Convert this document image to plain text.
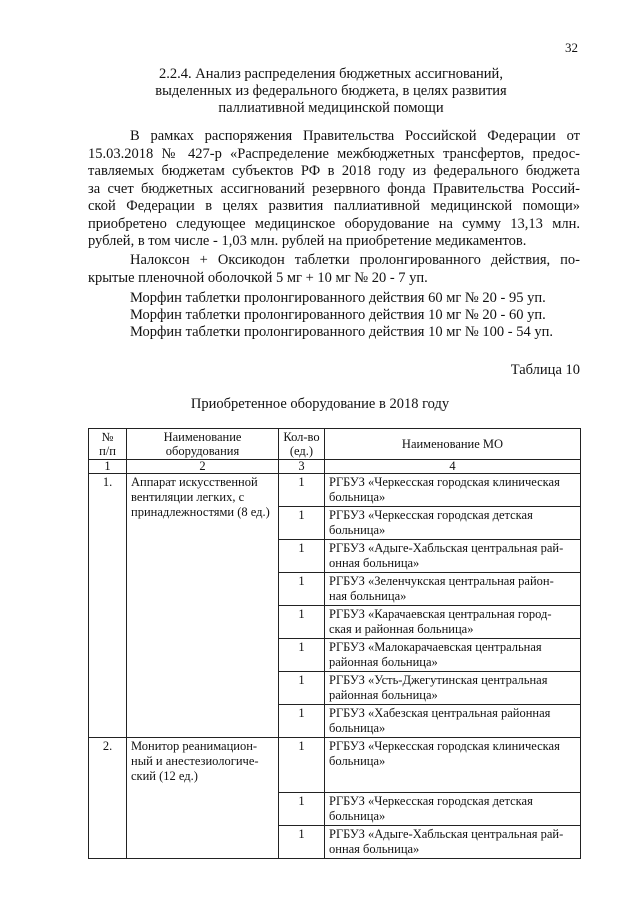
32
2.2.4. Анализ распределения бюджетных ассигнований,
выделенных из федерального бюджета, в целях развития
паллиативной медицинской помощи
В рамках распоряжения Правительства Российской Федерации от
15.03.2018 № 427-р «Распределение межбюджетных трансфертов, предос-
тавляемых бюджетам субъектов РФ в 2018 году из федерального бюджета
за счет бюджетных ассигнований резервного фонда Правительства Россий-
ской Федерации в целях развития паллиативной медицинской помощи»
приобретено следующее медицинское оборудование на сумму 13,13 млн.
рублей, в том числе - 1,03 млн. рублей на приобретение медикаментов.
Налоксон + Оксикодон таблетки пролонгированного действия, по-
крытые пленочной оболочкой 5 мг + 10 мг № 20 - 7 уп.
Морфин таблетки пролонгированного действия 60 мг № 20 - 95 уп.
Морфин таблетки пролонгированного действия 10 мг № 20 - 60 уп.
Морфин таблетки пролонгированного действия 10 мг № 100 - 54 уп.
Таблица 10
Приобретенное оборудование в 2018 году
№
п/п	Наименование
оборудования	Кол-во
(ед.)	Наименование МО
1	2	3	4
1.	Аппарат искусственной
вентиляции легких, с
принадлежностями (8 ед.)	1	РГБУЗ «Черкесская городская клиническая
больница»
		1	РГБУЗ «Черкесская городская детская
больница»
		1	РГБУЗ «Адыге-Хабльская центральная рай-
онная больница»
		1	РГБУЗ «Зеленчукская центральная район-
ная больница»
		1	РГБУЗ «Карачаевская центральная город-
ская и районная больница»
		1	РГБУЗ «Малокарачаевская центральная
районная больница»
		1	РГБУЗ «Усть-Джегутинская центральная
районная больница»
		1	РГБУЗ «Хабезская центральная районная
больница»
2.	Монитор реанимацион-
ный и анестезиологиче-
ский (12 ед.)	1	РГБУЗ «Черкесская городская клиническая
больница»
		1	РГБУЗ «Черкесская городская детская
больница»
		1	РГБУЗ «Адыге-Хабльская центральная рай-
онная больница»
